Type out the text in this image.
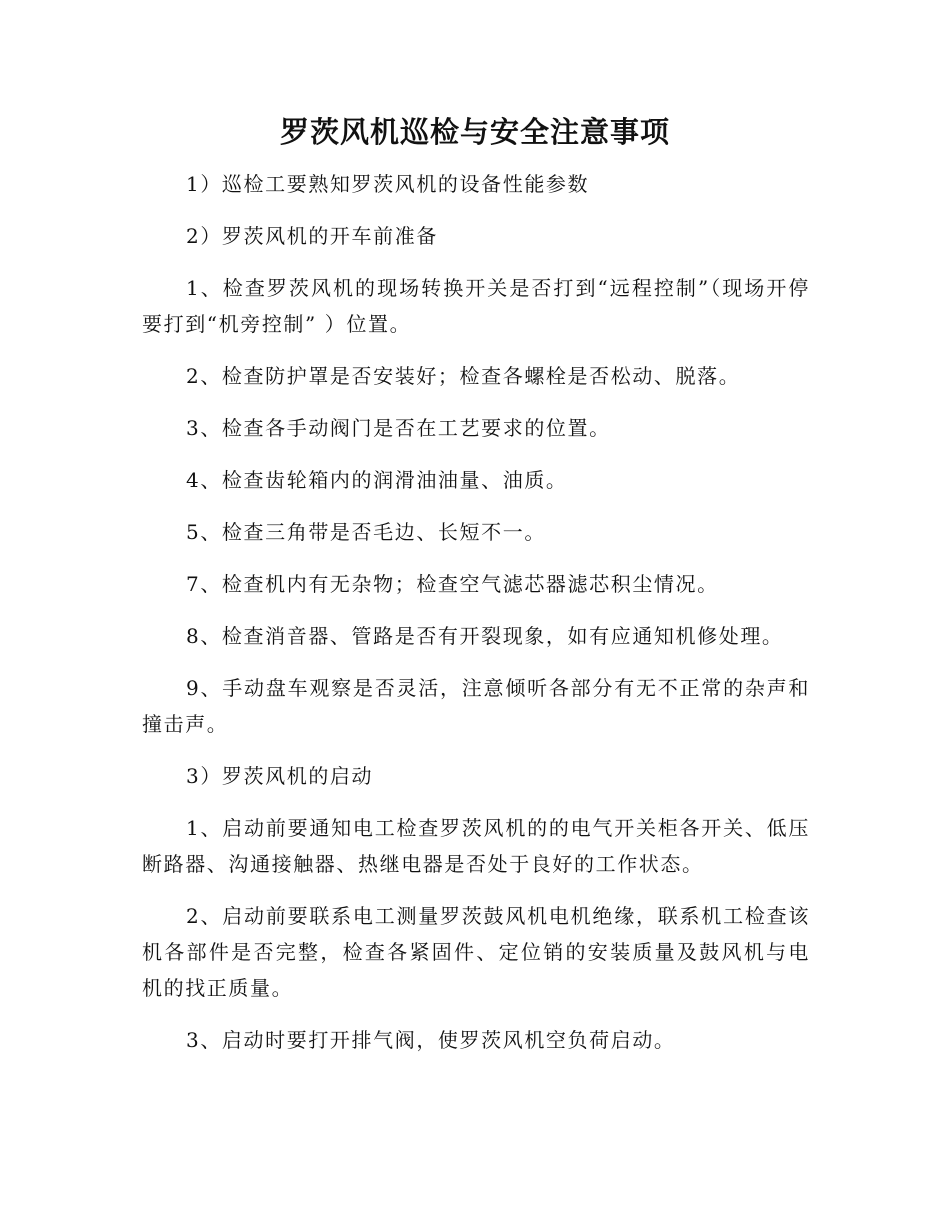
罗茨风机巡检与安全注意事项

1）巡检工要熟知罗茨风机的设备性能参数

2）罗茨风机的开车前准备

1、检查罗茨风机的现场转换开关是否打到“远程控制”（现场开停要打到“机旁控制” ）位置。

2、检查防护罩是否安装好；检查各螺栓是否松动、脱落。

3、检查各手动阀门是否在工艺要求的位置。

4、检查齿轮箱内的润滑油油量、油质。

5、检查三角带是否毛边、长短不一。

7、检查机内有无杂物；检查空气滤芯器滤芯积尘情况。

8、检查消音器、管路是否有开裂现象，如有应通知机修处理。

9、手动盘车观察是否灵活，注意倾听各部分有无不正常的杂声和撞击声。

3）罗茨风机的启动

1、启动前要通知电工检查罗茨风机的的电气开关柜各开关、低压断路器、沟通接触器、热继电器是否处于良好的工作状态。

2、启动前要联系电工测量罗茨鼓风机电机绝缘，联系机工检查该机各部件是否完整，检查各紧固件、定位销的安装质量及鼓风机与电机的找正质量。

3、启动时要打开排气阀，使罗茨风机空负荷启动。
